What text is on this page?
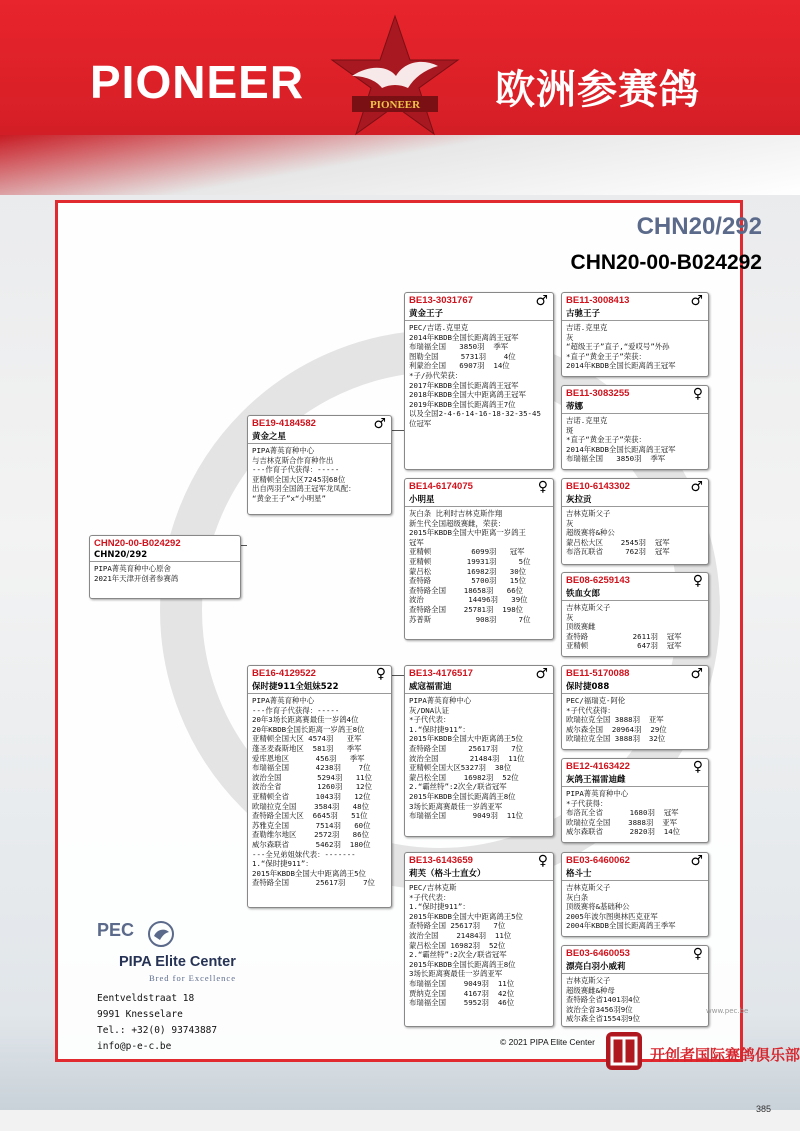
PIONEER	欧洲参赛鸽
PIONEER
CHN20/292
CHN20-00-B024292
CHN20-00-B024292
CHN20/292
PIPA菁英育种中心原舍
2021年天津开创者参赛鸽
BE19-4184582
黄金之星
♂
PIPA菁英育种中心
与吉林克斯合作育种作出
---作育子代获得：-----
亚精顿全国大区7245羽68位
出自两羽全国鸽王冠军龙凤配：
“黄金王子”x“小明星”
BE16-4129522
保时捷911全姐妹522
♀
PIPA菁英育种中心
---作育子代获得：-----
20年3场长距离赛最佳一岁鸽4位
20年KBDB全国长距离一岁鸽王8位
亚精顿全国大区 4574羽   亚军
蓬圣麦森斯地区  581羽   季军
爱库恩地区      456羽   季军
布瑞福全国      4238羽    7位
波治全国        5294羽   11位
波治全省        1260羽   12位
亚精顿全省      1043羽   12位
欧瑞拉克全国    3584羽   48位
查特路全国大区  6645羽   51位
苏雅克全国      7514羽   60位
查勒维尔地区    2572羽   86位
威尔森联省      5462羽  180位
---全兄弟姐妹代表：-------
1.“保时捷911”：
2015年KBDB全国大中距离鸽王5位
查特路全国      25617羽    7位
BE13-3031767
黄金王子
♂
PEC/吉诺.克里克
2014年KBDB全国长距离鸽王冠军
布瑞福全国   3850羽  季军
图勒全国     5731羽    4位
利蒙治全国   6907羽  14位
*子/孙代荣获：
2017年KBDB全国长距离鸽王冠军
2018年KBDB全国大中距离鸽王冠军
2019年KBDB全国长距离鸽王7位
以及全国2-4-6-14-16-18-32-35-45
位冠军
BE14-6174075
小明星
♀
灰白条 比利时吉林克斯作翔
新生代全国超级赛雌，荣获：
2015年KBDB全国大中距离一岁鸽王
冠军
亚精顿         6099羽   冠军
亚精顿        19931羽     5位
蒙吕松        16982羽   30位
查特路         5700羽   15位
查特路全国    18658羽   66位
波治          14496羽   39位
查特路全国    25781羽  198位
苏普斯          908羽     7位
BE13-4176517
威寇福雷迪
♂
PIPA菁英育种中心
灰/DNA认证
*子代代表：
1.“保时捷911”：
2015年KBDB全国大中距离鸽王5位
查特路全国     25617羽   7位
波治全国       21484羽  11位
亚精顿全国大区5327羽  38位
蒙吕松全国    16982羽  52位
2.“霸丝特”:2次全/联省冠军
2015年KBDB全国长距离鸽王8位
3场长距离赛最佳一岁鸽亚军
布瑞福全国      9049羽  11位
BE13-6143659
莉芙（格斗士直女）
♀
PEC/吉林克斯
*子代代表：
1.“保时捷911”：
2015年KBDB全国大中距离鸽王5位
查特路全国 25617羽   7位
波治全国    21484羽  11位
蒙吕松全国 16982羽  52位
2.“霸丝特”:2次全/联省冠军
2015年KBDB全国长距离鸽王8位
3场长距离赛最佳一岁鸽亚军
布瑞福全国    9049羽  11位
贾纳克全国    4167羽  42位
布瑞福全国    5952羽  46位
BE11-3008413
古驰王子
♂
吉诺.克里克
灰
“超级王子”直子,“爱哎号”外孙
*直子“黄金王子”荣获：
2014年KBDB全国长距离鸽王冠军
BE11-3083255
蒂娜
♀
吉诺.克里克
斑
*直子“黄金王子”荣获：
2014年KBDB全国长距离鸽王冠军
布瑞福全国   3850羽  季军
BE10-6143302
灰拉贡
♂
吉林克斯父子
灰
超级赛将&种公
蒙吕松大区    2545羽  冠军
布洛瓦联省     762羽  冠军
BE08-6259143
铁血女郎
♀
吉林克斯父子
灰
顶级赛雌
查特路          2611羽  冠军
亚精顿           647羽  冠军
BE11-5170088
保时捷088
♂
PEC/福瑞克-阿伦
*子代代获得：
欧瑞拉克全国 3888羽  亚军
威尔森全国  20964羽  29位
欧瑞拉克全国 3888羽  32位
BE12-4163422
灰鸽王福雷迪雌
♀
PIPA菁英育种中心
*子代获得：
布洛瓦全省      1680羽  冠军
欧瑞拉克全国    3888羽  亚军
威尔森联省      2820羽  14位
BE03-6460062
格斗士
♂
吉林克斯父子
灰白条
顶级赛将&基础种公
2005年波尔图奥林匹克亚军
2004年KBDB全国长距离鸽王季军
BE03-6460053
漂亮白羽小威莉
♀
吉林克斯父子
超级赛雌&种母
查特路全省1401羽4位
波治全省3456羽9位
威尔森全省1554羽9位
PEC
PIPA Elite Center
Bred for Excellence
Eentveldstraat 18
9991 Knesselare
Tel.: +32(0) 93743887
info@p-e-c.be	© 2021 PIPA Elite Center
www.pec.be
开创者国际赛鸽俱乐部
385
